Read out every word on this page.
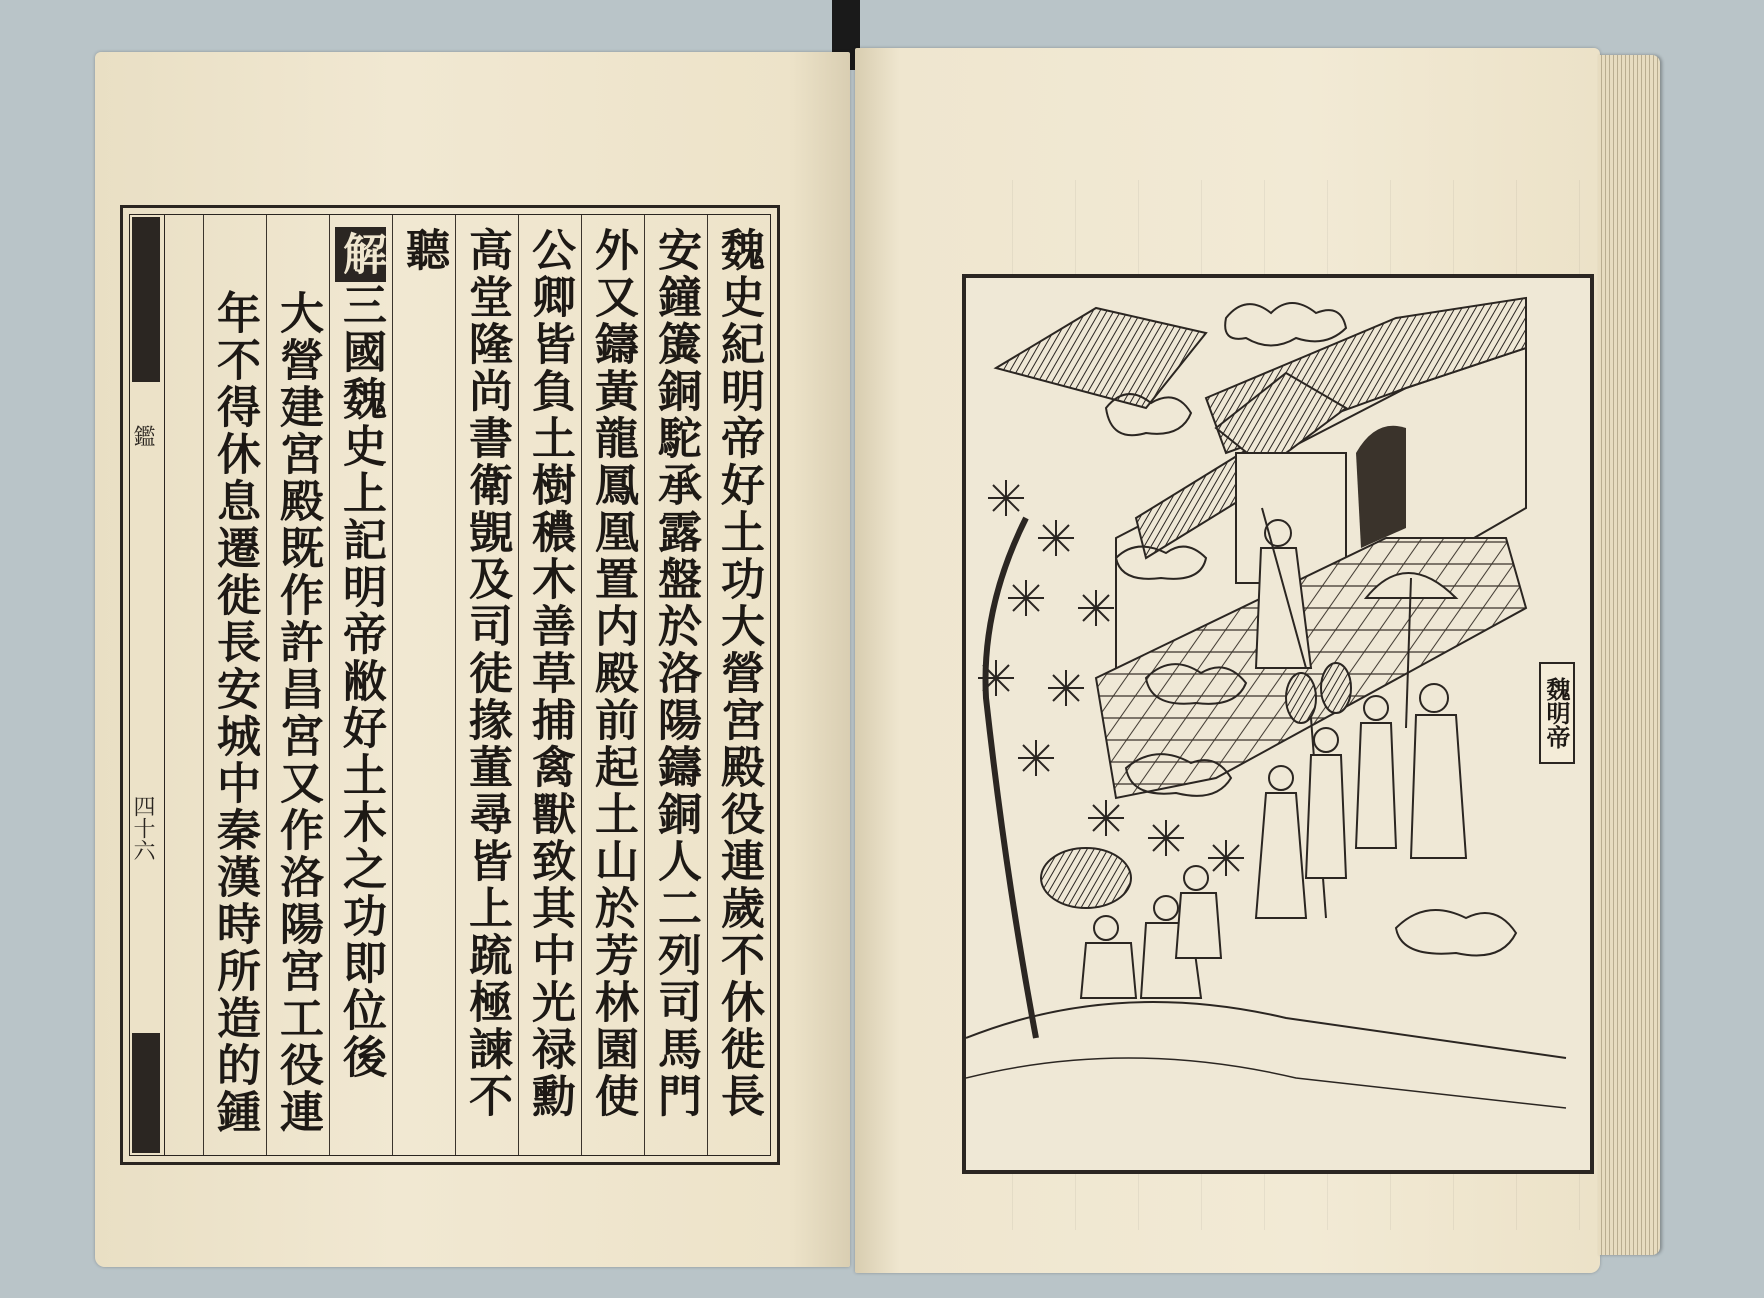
鑑
四十六	魏史紀明帝好土功大營宮殿役連歲不休徙長
安鐘簴銅駝承露盤於洛陽鑄銅人二列司馬門
外又鑄黃龍鳳凰置内殿前起土山於芳林園使
公卿皆負土樹穠木善草捕禽獸致其中光禄勳
高堂隆尚書衛覬及司徒掾董尋皆上䟽極諫不
聽
解三國魏史上記明帝敝好土木之功即位後
大營建宮殿既作許昌宮又作洛陽宮工役連
年不得休息遷徙長安城中秦漢時所造的鍾	魏明帝
